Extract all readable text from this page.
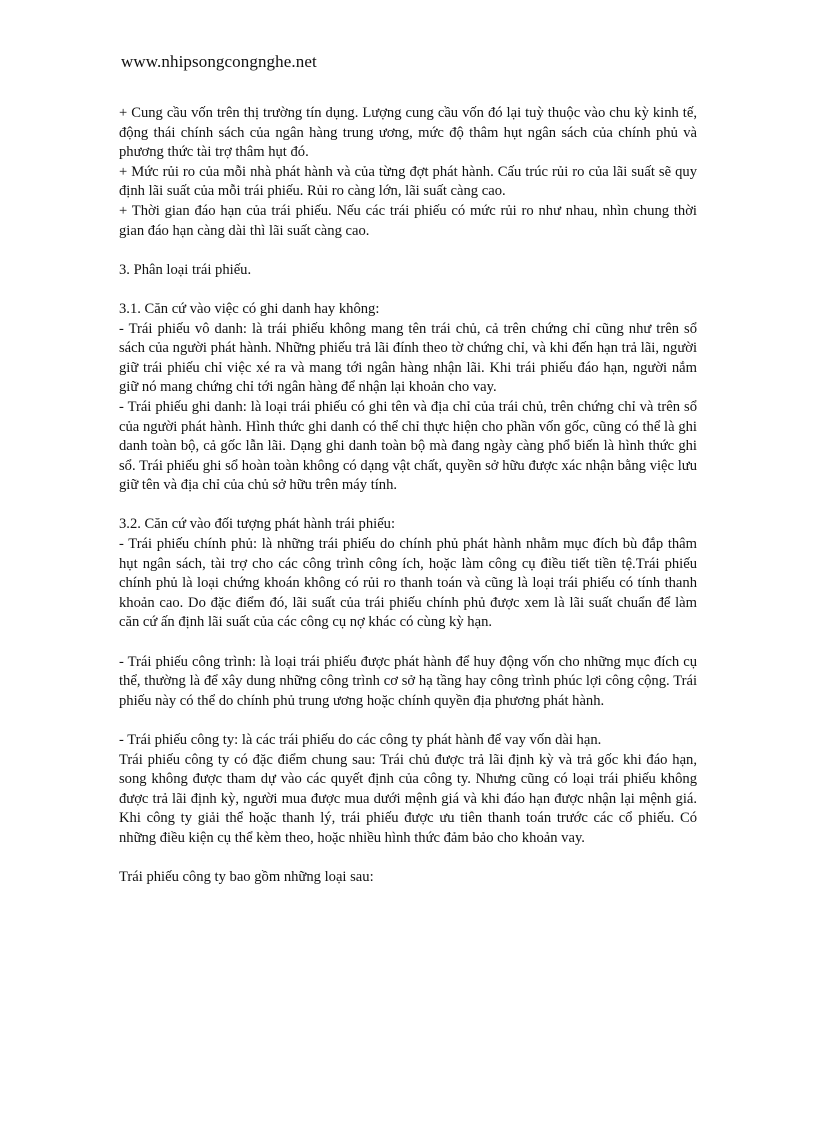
www.nhipsongcongnghe.net

+ Cung cầu vốn trên thị trường tín dụng. Lượng cung cầu vốn đó lại tuỳ thuộc vào chu kỳ kinh tế, động thái chính sách của ngân hàng trung ương, mức độ thâm hụt ngân sách của chính phủ và phương thức tài trợ thâm hụt đó.

+ Mức rủi ro của mỗi nhà phát hành và của từng đợt phát hành. Cấu trúc rủi ro của lãi suất sẽ quy định lãi suất của mỗi trái phiếu. Rủi ro càng lớn, lãi suất càng cao.

+ Thời gian đáo hạn của trái phiếu. Nếu các trái phiếu có mức rủi ro như nhau, nhìn chung thời gian đáo hạn càng dài thì lãi suất càng cao.

3. Phân loại trái phiếu.

3.1. Căn cứ vào việc có ghi danh hay không:

- Trái phiếu vô danh: là trái phiếu không mang tên trái chủ, cả trên chứng chỉ cũng như trên sổ sách của người phát hành. Những phiếu trả lãi đính theo tờ chứng chỉ, và khi đến hạn trả lãi, người giữ trái phiếu chỉ việc xé ra và mang tới ngân hàng nhận lãi. Khi trái phiếu đáo hạn, người nắm giữ nó mang chứng chỉ tới ngân hàng để nhận lại khoản cho vay.

- Trái phiếu ghi danh: là loại trái phiếu có ghi tên và địa chỉ của trái chủ, trên chứng chỉ và trên sổ của người phát hành. Hình thức ghi danh có thể chỉ thực hiện cho phần vốn gốc, cũng có thể là ghi danh toàn bộ, cả gốc lẫn lãi. Dạng ghi danh toàn bộ mà đang ngày càng phổ biến là hình thức ghi sổ. Trái phiếu ghi sổ hoàn toàn không có dạng vật chất, quyền sở hữu được xác nhận bằng việc lưu giữ tên và địa chỉ của chủ sở hữu trên máy tính.

3.2. Căn cứ vào đối tượng phát hành trái phiếu:

- Trái phiếu chính phủ: là những trái phiếu do chính phủ phát hành nhằm mục đích bù đắp thâm hụt ngân sách, tài trợ cho các công trình công ích, hoặc làm công cụ điều tiết tiền tệ.Trái phiếu chính phủ là loại chứng khoán không có rủi ro thanh toán và cũng là loại trái phiếu có tính thanh khoản cao. Do đặc điểm đó, lãi suất của trái phiếu chính phủ được xem là lãi suất chuẩn để làm căn cứ ấn định lãi suất của các công cụ nợ khác có cùng kỳ hạn.

- Trái phiếu công trình: là loại trái phiếu được phát hành để huy động vốn cho những mục đích cụ thể, thường là để xây dung những công trình cơ sở hạ tầng hay công trình phúc lợi công cộng. Trái phiếu này có thể do chính phủ trung ương hoặc chính quyền địa phương phát hành.

- Trái phiếu công ty: là các trái phiếu do các công ty phát hành để vay vốn dài hạn.

Trái phiếu công ty có đặc điểm chung sau: Trái chủ được trả lãi định kỳ và trả gốc khi đáo hạn, song không được tham dự vào các quyết định của công ty. Nhưng cũng có loại trái phiếu không được trả lãi định kỳ, người mua được mua dưới mệnh giá và khi đáo hạn được nhận lại mệnh giá. Khi công ty giải thể hoặc thanh lý, trái phiếu được ưu tiên thanh toán trước các cổ phiếu. Có những điều kiện cụ thể kèm theo, hoặc nhiều hình thức đảm bảo cho khoản vay.

Trái phiếu công ty bao gồm những loại sau:
